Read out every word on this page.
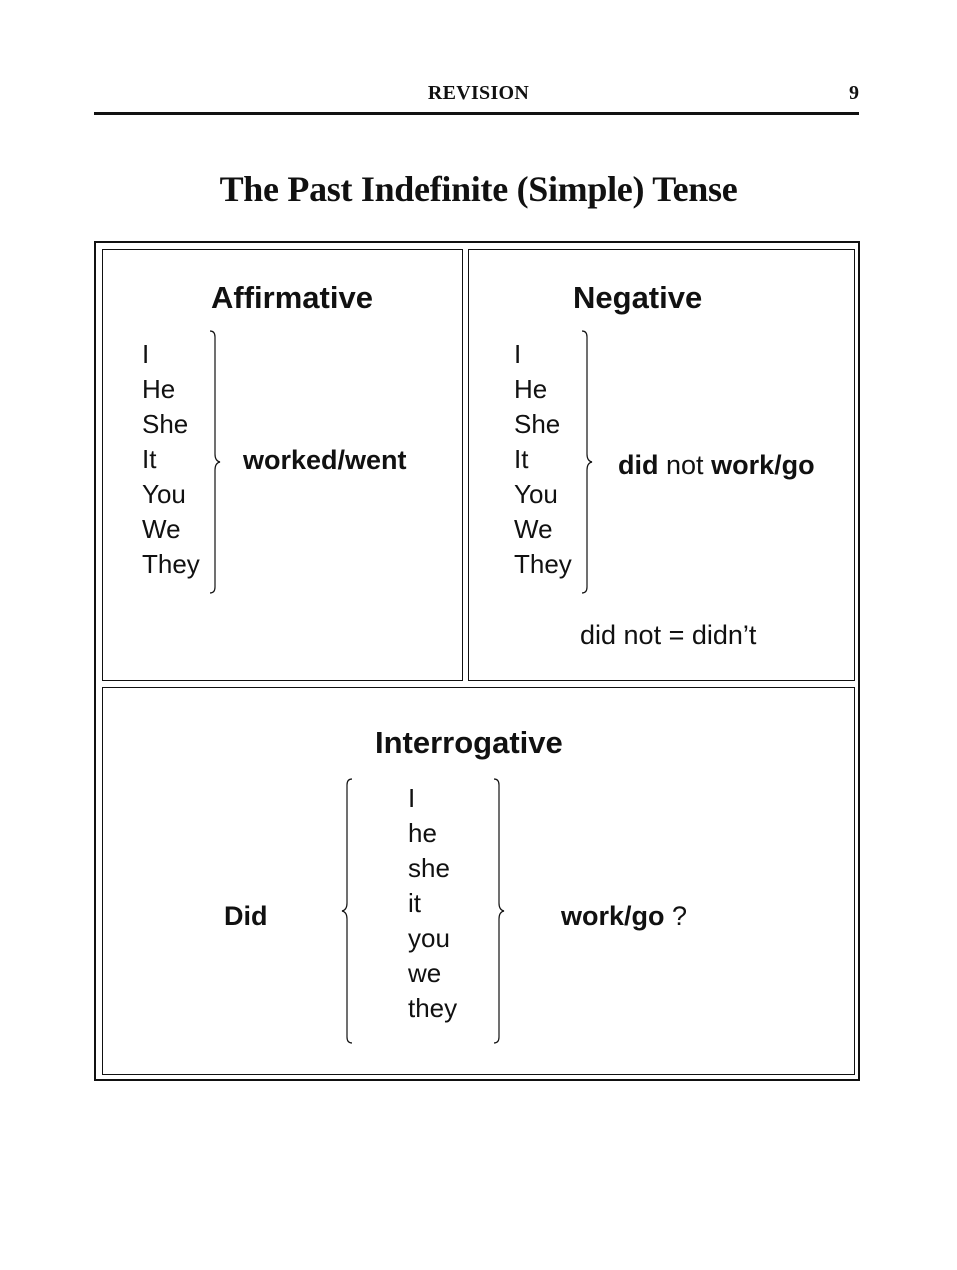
REVISION	9
The Past Indefinite (Simple) Tense
Affirmative
I
He
She
It
You
We
They
worked/went
Negative
I
He
She
It
You
We
They
did not work/go
did not = didn’t
Interrogative
Did
I
he
she
it
you
we
they
work/go ?
